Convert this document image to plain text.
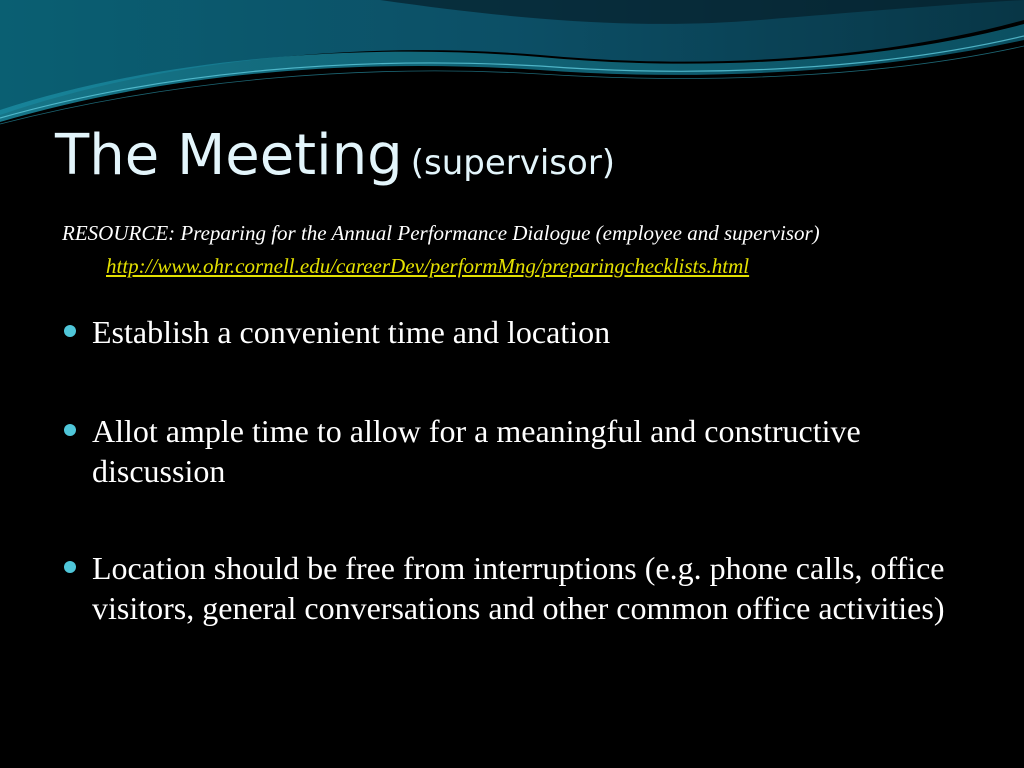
The Meeting (supervisor)
RESOURCE: Preparing for the Annual Performance Dialogue (employee and supervisor)
http://www.ohr.cornell.edu/careerDev/performMng/preparingchecklists.html
Establish a convenient time and location
Allot ample time to allow for a meaningful and constructive discussion
Location should be free from interruptions (e.g. phone calls, office visitors, general conversations and other common office activities)
